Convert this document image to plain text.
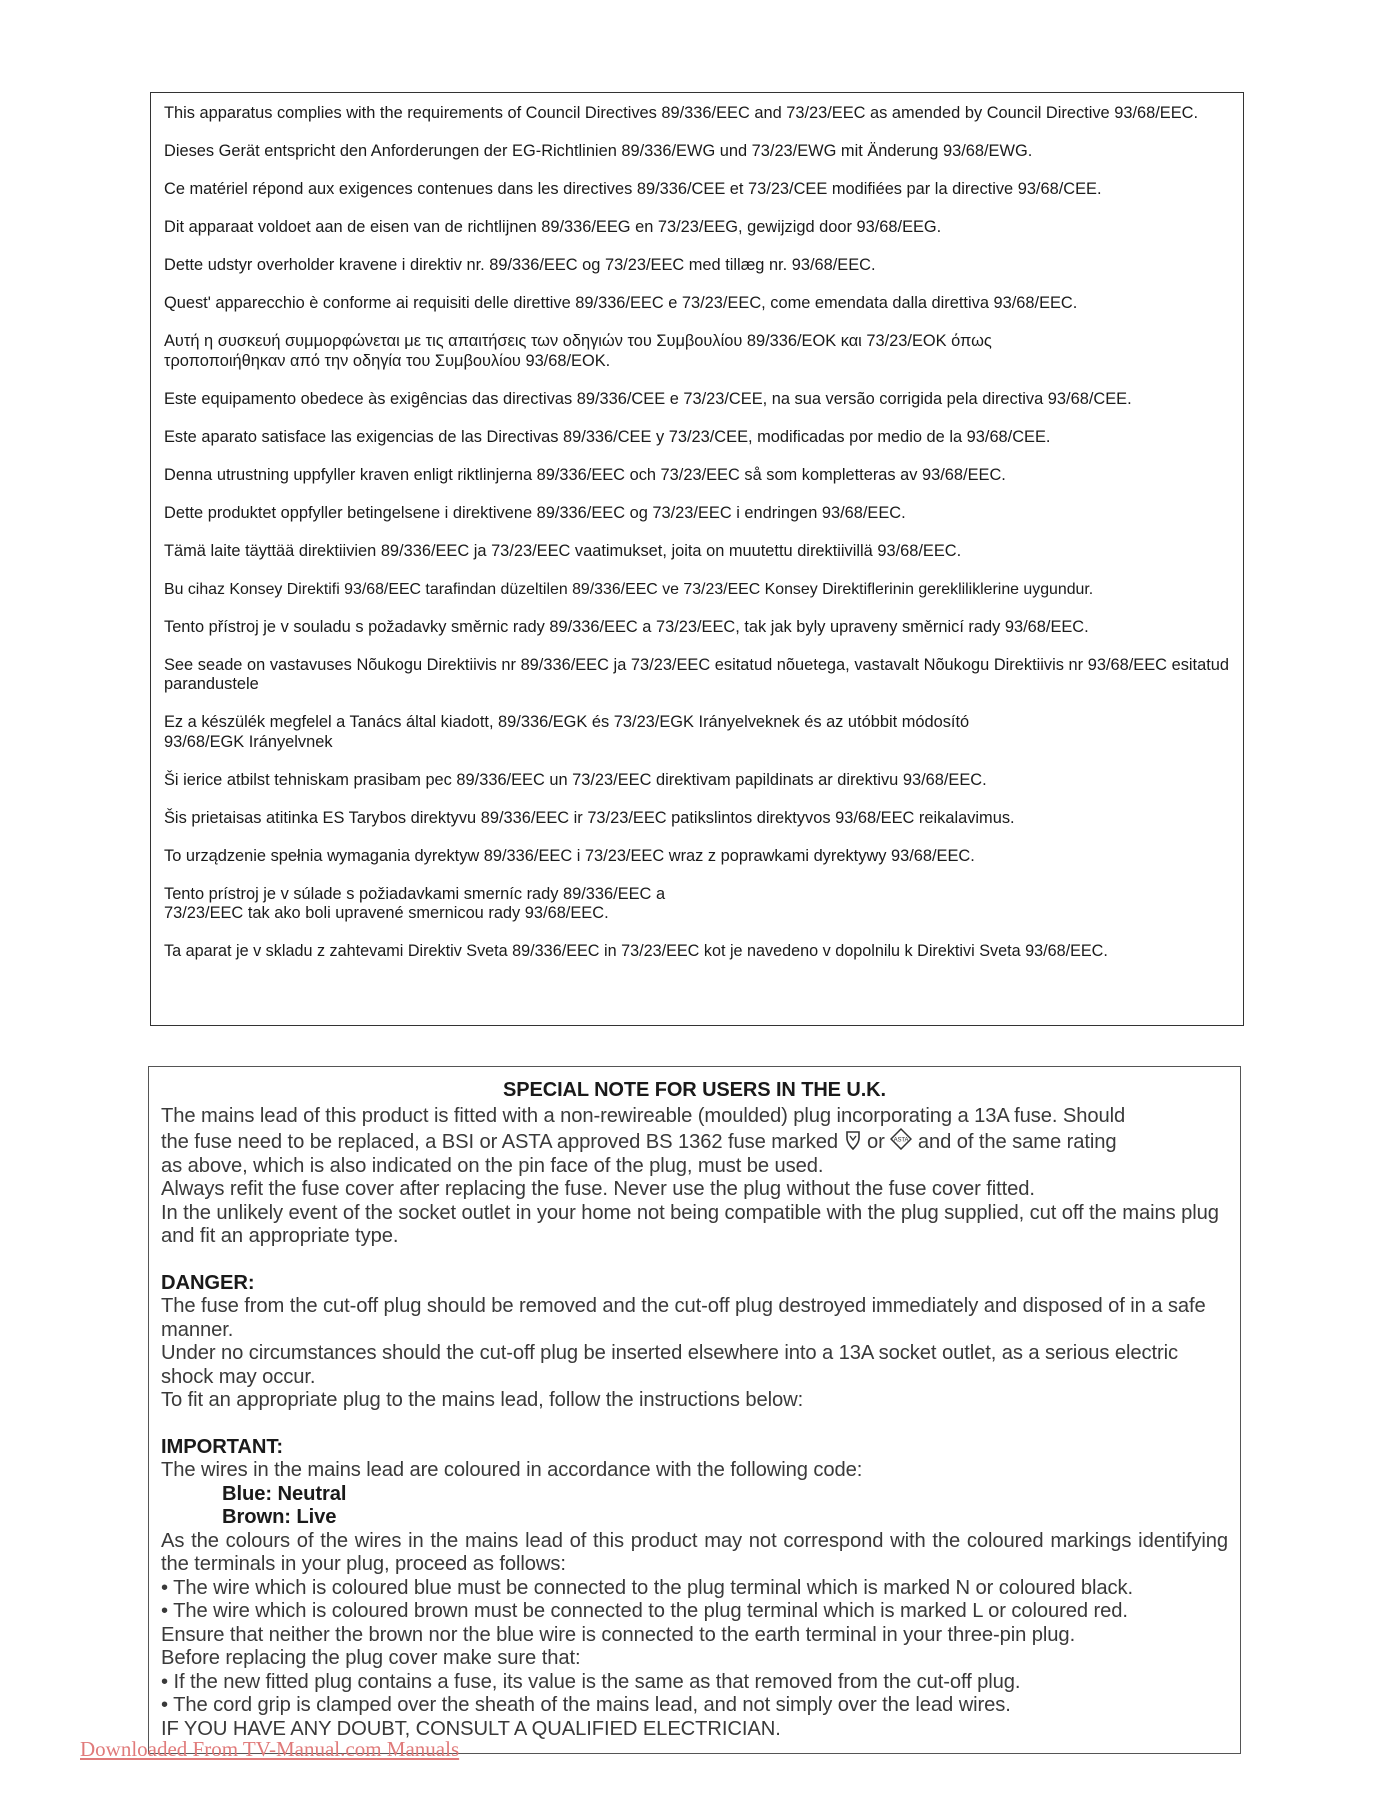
This apparatus complies with the requirements of Council Directives 89/336/EEC and 73/23/EEC as amended by Council Directive 93/68/EEC.

Dieses Gerät entspricht den Anforderungen der EG-Richtlinien 89/336/EWG und 73/23/EWG mit Änderung 93/68/EWG.

Ce matériel répond aux exigences contenues dans les directives 89/336/CEE et 73/23/CEE modifiées par la directive 93/68/CEE.

Dit apparaat voldoet aan de eisen van de richtlijnen 89/336/EEG en 73/23/EEG, gewijzigd door 93/68/EEG.

Dette udstyr overholder kravene i direktiv nr. 89/336/EEC og 73/23/EEC med tillæg nr. 93/68/EEC.

Quest' apparecchio è conforme ai requisiti delle direttive 89/336/EEC e 73/23/EEC, come emendata dalla direttiva 93/68/EEC.

Αυτή η συσκευή συμμορφώνεται με τις απαιτήσεις των οδηγιών του Συμβουλίου 89/336/ΕΟΚ και 73/23/ΕΟΚ όπως τροποποιήθηκαν από την οδηγία του Συμβουλίου 93/68/ΕΟΚ.

Este equipamento obedece às exigências das directivas 89/336/CEE e 73/23/CEE, na sua versão corrigida pela directiva 93/68/CEE.

Este aparato satisface las exigencias de las Directivas 89/336/CEE y 73/23/CEE, modificadas por medio de la 93/68/CEE.

Denna utrustning uppfyller kraven enligt riktlinjerna 89/336/EEC och 73/23/EEC så som kompletteras av 93/68/EEC.

Dette produktet oppfyller betingelsene i direktivene 89/336/EEC og 73/23/EEC i endringen 93/68/EEC.

Tämä laite täyttää direktiivien 89/336/EEC ja 73/23/EEC vaatimukset, joita on muutettu direktiivillä 93/68/EEC.

Bu cihaz Konsey Direktifi 93/68/EEC tarafindan düzeltilen 89/336/EEC ve 73/23/EEC Konsey Direktiflerinin gerekliliklerine uygundur.

Tento přístroj je v souladu s požadavky směrnic rady 89/336/EEC a 73/23/EEC, tak jak byly upraveny směrnicí rady 93/68/EEC.

See seade on vastavuses Nõukogu Direktiivis nr 89/336/EEC ja 73/23/EEC esitatud nõuetega, vastavalt Nõukogu Direktiivis nr 93/68/EEC esitatud parandustele

Ez a készülék megfelel a Tanács által kiadott, 89/336/EGK és 73/23/EGK Irányelveknek és az utóbbit módosító 93/68/EGK Irányelvnek

Ši ierice atbilst tehniskam prasibam pec 89/336/EEC un 73/23/EEC direktivam papildinats ar direktivu 93/68/EEC.

Šis prietaisas atitinka ES Tarybos direktyvu 89/336/EEC ir 73/23/EEC patikslintos direktyvos 93/68/EEC reikalavimus.

To urządzenie spełnia wymagania dyrektyw 89/336/EEC i 73/23/EEC wraz z poprawkami dyrektywy 93/68/EEC.

Tento prístroj je v súlade s požiadavkami smerníc rady 89/336/EEC a 73/23/EEC tak ako boli upravené smernicou rady 93/68/EEC.

Ta aparat je v skladu z zahtevami Direktiv Sveta 89/336/EEC in 73/23/EEC kot je navedeno v dopolnilu k Direktivi Sveta 93/68/EEC.

SPECIAL NOTE FOR USERS IN THE U.K.
The mains lead of this product is fitted with a non-rewireable (moulded) plug incorporating a 13A fuse. Should
the fuse need to be replaced, a BSI or ASTA approved BS 1362 fuse marked or ASTA and of the same rating
as above, which is also indicated on the pin face of the plug, must be used.
Always refit the fuse cover after replacing the fuse. Never use the plug without the fuse cover fitted.
In the unlikely event of the socket outlet in your home not being compatible with the plug supplied, cut off the mains plug and fit an appropriate type.
DANGER:
The fuse from the cut-off plug should be removed and the cut-off plug destroyed immediately and disposed of in a safe manner.
Under no circumstances should the cut-off plug be inserted elsewhere into a 13A socket outlet, as a serious electric shock may occur.
To fit an appropriate plug to the mains lead, follow the instructions below:
IMPORTANT:
The wires in the mains lead are coloured in accordance with the following code:
Blue: Neutral
Brown: Live
As the colours of the wires in the mains lead of this product may not correspond with the coloured markings identifying the terminals in your plug, proceed as follows:
• The wire which is coloured blue must be connected to the plug terminal which is marked N or coloured black.
• The wire which is coloured brown must be connected to the plug terminal which is marked L or coloured red.
Ensure that neither the brown nor the blue wire is connected to the earth terminal in your three-pin plug.
Before replacing the plug cover make sure that:
• If the new fitted plug contains a fuse, its value is the same as that removed from the cut-off plug.
• The cord grip is clamped over the sheath of the mains lead, and not simply over the lead wires.
IF YOU HAVE ANY DOUBT, CONSULT A QUALIFIED ELECTRICIAN.
Downloaded From TV-Manual.com Manuals
